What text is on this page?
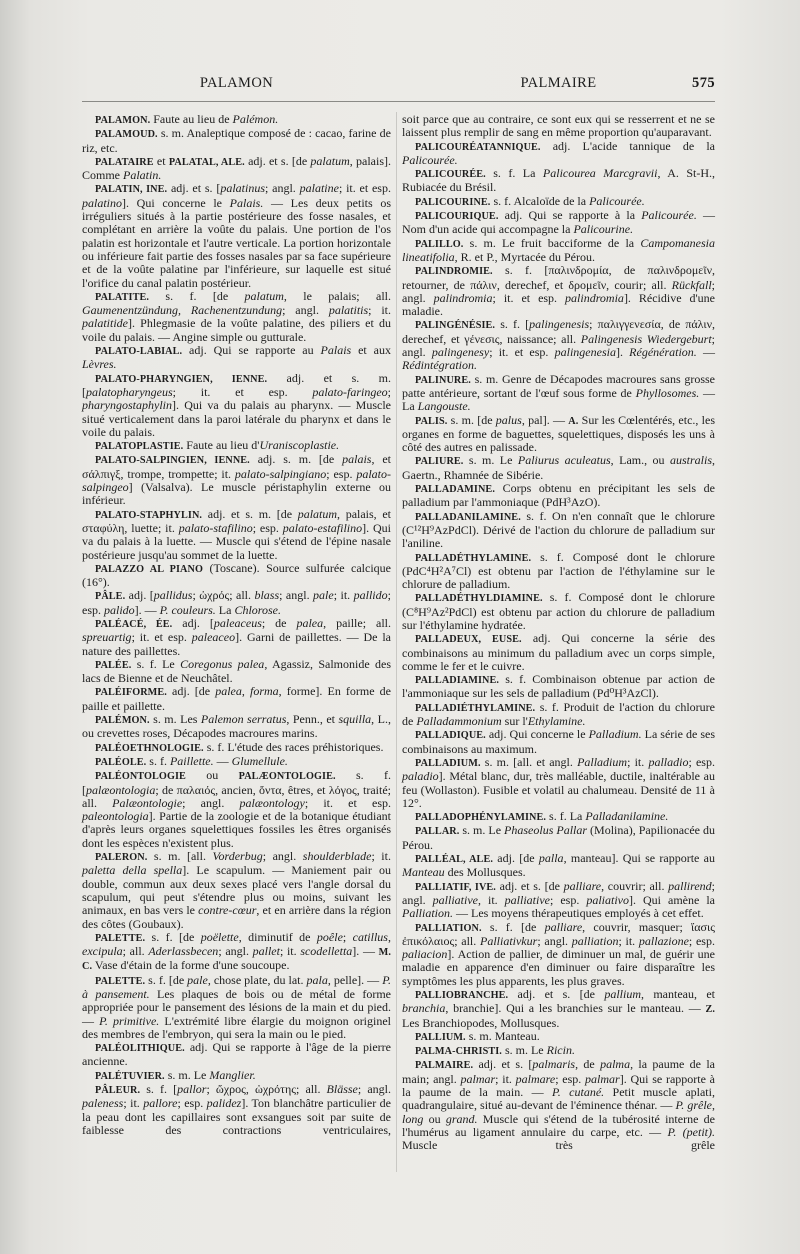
PALAMON	PALMAIRE	575

PALAMON. Faute au lieu de Palémon.

PALAMOUD. s. m. Analeptique composé de : cacao, farine de riz, etc.

PALATAIRE et PALATAL, ALE. adj. et s. [de palatum, palais]. Comme Palatin.

PALATIN, INE. adj. et s. [palatinus; angl. palatine; it. et esp. palatino]. Qui concerne le Palais. — Les deux petits os irréguliers situés à la partie postérieure des fosse nasales, et complétant en arrière la voûte du palais. Une portion de l'os palatin est horizontale et l'autre verticale. La portion horizontale ou inférieure fait partie des fosses nasales par sa face supérieure et de la voûte palatine par l'inférieure, sur laquelle est situé l'orifice du canal palatin postérieur.

PALATITE. s. f. [de palatum, le palais; all. Gaumenentzündung, Rachenentzundung; angl. palatitis; it. palatitide]. Phlegmasie de la voûte palatine, des piliers et du voile du palais. — Angine simple ou gutturale.

PALATO-LABIAL. adj. Qui se rapporte au Palais et aux Lèvres.

PALATO-PHARYNGIEN, IENNE. adj. et s. m. [palatopharyngeus; it. et esp. palato-faringeo; pharyngostaphylin]. Qui va du palais au pharynx. — Muscle situé verticalement dans la paroi latérale du pharynx et dans le voile du palais.

PALATOPLASTIE. Faute au lieu d'Uraniscoplastie.

PALATO-SALPINGIEN, IENNE. adj. s. m. [de palais, et σάλπιγξ, trompe, trompette; it. palato-salpingiano; esp. palato-salpingeo] (Valsalva). Le muscle péristaphylin externe ou inférieur.

PALATO-STAPHYLIN. adj. et s. m. [de palatum, palais, et σταφύλη, luette; it. palato-stafilino; esp. palato-estafilino]. Qui va du palais à la luette. — Muscle qui s'étend de l'épine nasale postérieure jusqu'au sommet de la luette.

PALAZZO AL PIANO (Toscane). Source sulfurée calcique (16°).

PÂLE. adj. [pallidus; ὠχρός; all. blass; angl. pale; it. pallido; esp. palido]. — P. couleurs. La Chlorose.

PALÉACÉ, ÉE. adj. [paleaceus; de palea, paille; all. spreuartig; it. et esp. paleaceo]. Garni de paillettes. — De la nature des paillettes.

PALÉE. s. f. Le Coregonus palea, Agassiz, Salmonide des lacs de Bienne et de Neuchâtel.

PALÉIFORME. adj. [de palea, forma, forme]. En forme de paille et paillette.

PALÉMON. s. m. Les Palemon serratus, Penn., et squilla, L., ou crevettes roses, Décapodes macroures marins.

PALÉOETHNOLOGIE. s. f. L'étude des races préhistoriques.

PALÉOLE. s. f. Paillette. — Glumellule.

PALÉONTOLOGIE ou PALÆONTOLOGIE. s. f. [palæontologia; de παλαιός, ancien, ὄντα, êtres, et λόγος, traité; all. Palæontologie; angl. palæontology; it. et esp. paleontologia]. Partie de la zoologie et de la botanique étudiant d'après leurs organes squelettiques fossiles les êtres organisés dont les espèces n'existent plus.

PALERON. s. m. [all. Vorderbug; angl. shoulderblade; it. paletta della spella]. Le scapulum. — Maniement pair ou double, commun aux deux sexes placé vers l'angle dorsal du scapulum, qui peut s'étendre plus ou moins, suivant les animaux, en bas vers le contre-cœur, et en arrière dans la région des côtes (Goubaux).

PALETTE. s. f. [de poëlette, diminutif de poêle; catillus, excipula; all. Aderlassbecen; angl. pallet; it. scodelletta]. — M. C. Vase d'étain de la forme d'une soucoupe.

PALETTE. s. f. [de pale, chose plate, du lat. pala, pelle]. — P. à pansement. Les plaques de bois ou de métal de forme appropriée pour le pansement des lésions de la main et du pied. — P. primitive. L'extrémité libre élargie du moignon originel des membres de l'embryon, qui sera la main ou le pied.

PALÉOLITHIQUE. adj. Qui se rapporte à l'âge de la pierre ancienne.

PALÉTUVIER. s. m. Le Manglier.

PÂLEUR. s. f. [pallor; ὤχρος, ὠχρότης; all. Blässe; angl. paleness; it. pallore; esp. palidez]. Ton blanchâtre particulier de la peau dont les capillaires sont exsangues soit par suite de faiblesse des contractions ventriculaires,

soit parce que au contraire, ce sont eux qui se resserrent et ne se laissent plus remplir de sang en même proportion qu'auparavant.

PALICOURÉATANNIQUE. adj. L'acide tannique de la Palicourée.

PALICOURÉE. s. f. La Palicourea Marcgravii, A. St-H., Rubiacée du Brésil.

PALICOURINE. s. f. Alcaloïde de la Palicourée.

PALICOURIQUE. adj. Qui se rapporte à la Palicourée. — Nom d'un acide qui accompagne la Palicourine.

PALILLO. s. m. Le fruit bacciforme de la Campomanesia lineatifolia, R. et P., Myrtacée du Pérou.

PALINDROMIE. s. f. [παλινδρομία, de παλινδρομεῖν, retourner, de πάλιν, derechef, et δρομεῖν, courir; all. Rückfall; angl. palindromia; it. et esp. palindromia]. Récidive d'une maladie.

PALINGÉNÉSIE. s. f. [palingenesis; παλιγγενεσία, de πάλιν, derechef, et γένεσις, naissance; all. Palingenesis Wiedergeburt; angl. palingenesy; it. et esp. palingenesia]. Régénération. — Rédintégration.

PALINURE. s. m. Genre de Décapodes macroures sans grosse patte antérieure, sortant de l'œuf sous forme de Phyllosomes. — La Langouste.

PALIS. s. m. [de palus, pal]. — A. Sur les Cœlentérés, etc., les organes en forme de baguettes, squelettiques, disposés les uns à côté des autres en palissade.

PALIURE. s. m. Le Paliurus aculeatus, Lam., ou australis, Gaertn., Rhamnée de Sibérie.

PALLADAMINE. Corps obtenu en précipitant les sels de palladium par l'ammoniaque (PdH³AzO).

PALLADANILAMINE. s. f. On n'en connaît que le chlorure (C¹²H⁹AzPdCl). Dérivé de l'action du chlorure de palladium sur l'aniline.

PALLADÉTHYLAMINE. s. f. Composé dont le chlorure (PdC⁴H²A⁷Cl) est obtenu par l'action de l'éthylamine sur le chlorure de palladium.

PALLADÉTHYLDIAMINE. s. f. Composé dont le chlorure (C⁸H⁹Az²PdCl) est obtenu par action du chlorure de palladium sur l'éthylamine hydratée.

PALLADEUX, EUSE. adj. Qui concerne la série des combinaisons au minimum du palladium avec un corps simple, comme le fer et le cuivre.

PALLADIAMINE. s. f. Combinaison obtenue par action de l'ammoniaque sur les sels de palladium (Pd⁰H³AzCl).

PALLADIÉTHYLAMINE. s. f. Produit de l'action du chlorure de Palladammonium sur l'Ethylamine.

PALLADIQUE. adj. Qui concerne le Palladium. La série de ses combinaisons au maximum.

PALLADIUM. s. m. [all. et angl. Palladium; it. palladio; esp. paladio]. Métal blanc, dur, très malléable, ductile, inaltérable au feu (Wollaston). Fusible et volatil au chalumeau. Densité de 11 à 12°.

PALLADOPHÉNYLAMINE. s. f. La Palladanilamine.

PALLAR. s. m. Le Phaseolus Pallar (Molina), Papilionacée du Pérou.

PALLÉAL, ALE. adj. [de palla, manteau]. Qui se rapporte au Manteau des Mollusques.

PALLIATIF, IVE. adj. et s. [de palliare, couvrir; all. pallirend; angl. palliative, it. palliative; esp. paliativo]. Qui amène la Palliation. — Les moyens thérapeutiques employés à cet effet.

PALLIATION. s. f. [de palliare, couvrir, masquer; ἴασις ἐπικόλαιος; all. Palliativkur; angl. palliation; it. pallazione; esp. paliacion]. Action de pallier, de diminuer un mal, de guérir une maladie en apparence d'en diminuer ou faire disparaître les symptômes les plus apparents, les plus graves.

PALLIOBRANCHE. adj. et s. [de pallium, manteau, et branchia, branchie]. Qui a les branchies sur le manteau. — Z. Les Branchiopodes, Mollusques.

PALLIUM. s. m. Manteau.

PALMA-CHRISTI. s. m. Le Ricin.

PALMAIRE. adj. et s. [palmaris, de palma, la paume de la main; angl. palmar; it. palmare; esp. palmar]. Qui se rapporte à la paume de la main. — P. cutané. Petit muscle aplati, quadrangulaire, situé au-devant de l'éminence thénar. — P. grêle, long ou grand. Muscle qui s'étend de la tubérosité interne de l'humérus au ligament annulaire du carpe, etc. — P. (petit). Muscle très grêle
